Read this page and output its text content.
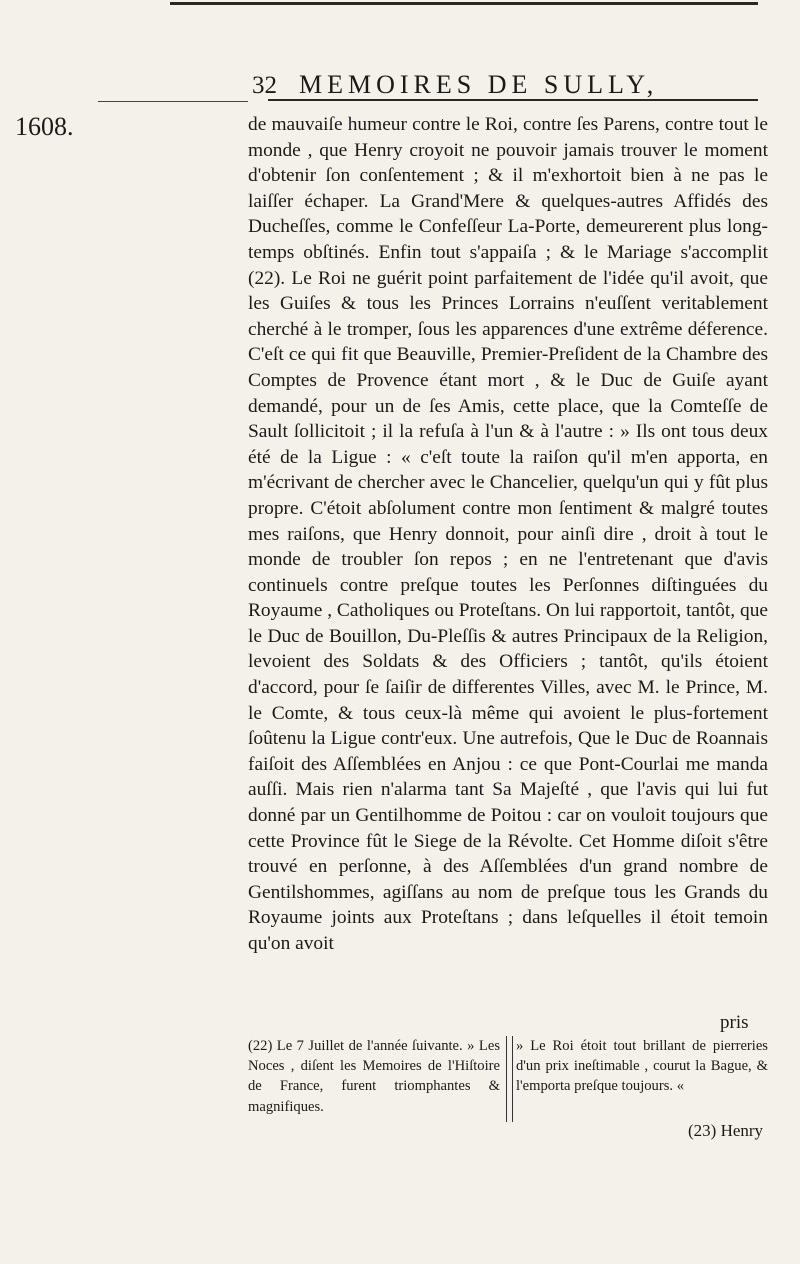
32 MEMOIRES DE SULLY,
1608.	de mauvaiſe humeur contre le Roi, contre ſes Parens, contre tout le monde , que Henry croyoit ne pouvoir jamais trouver le moment d'obtenir ſon conſentement ; & il m'exhortoit bien à ne pas le laiſſer échaper. La Grand'Mere & quelques-autres Affidés des Ducheſſes, comme le Confeſſeur La-Porte, demeurerent plus long-temps obſtinés. Enfin tout s'appaiſa ; & le Mariage s'accomplit (22). Le Roi ne guérit point parfaitement de l'idée qu'il avoit, que les Guiſes & tous les Princes Lorrains n'euſſent veritablement cherché à le tromper, ſous les apparences d'une extrême déference. C'eſt ce qui fit que Beauville, Premier-Preſident de la Chambre des Comptes de Provence étant mort , & le Duc de Guiſe ayant demandé, pour un de ſes Amis, cette place, que la Comteſſe de Sault ſollicitoit ; il la refuſa à l'un & à l'autre : » Ils ont tous deux été de la Ligue : « c'eſt toute la raiſon qu'il m'en apporta, en m'écrivant de chercher avec le Chancelier, quelqu'un qui y fût plus propre. C'étoit abſolument contre mon ſentiment & malgré toutes mes raiſons, que Henry donnoit, pour ainſi dire , droit à tout le monde de troubler ſon repos ; en ne l'entretenant que d'avis continuels contre preſque toutes les Perſonnes diſtinguées du Royaume , Catholiques ou Proteſtans. On lui rapportoit, tantôt, que le Duc de Bouillon, Du-Pleſſis & autres Principaux de la Religion, levoient des Soldats & des Officiers ; tantôt, qu'ils étoient d'accord, pour ſe ſaiſir de differentes Villes, avec M. le Prince, M. le Comte, & tous ceux-là même qui avoient le plus-fortement ſoûtenu la Ligue contr'eux. Une autrefois, Que le Duc de Roannais faiſoit des Aſſemblées en Anjou : ce que Pont-Courlai me manda auſſi. Mais rien n'alarma tant Sa Majeſté , que l'avis qui lui fut donné par un Gentilhomme de Poitou : car on vouloit toujours que cette Province fût le Siege de la Révolte. Cet Homme diſoit s'être trouvé en perſonne, à des Aſſemblées d'un grand nombre de Gentilshommes, agiſſans au nom de preſque tous les Grands du Royaume joints aux Proteſtans ; dans leſquelles il étoit temoin qu'on avoit

pris
(22) Le 7 Juillet de l'année ſuivante. » Les Noces , diſent les Memoires de l'Hiſtoire de France, furent triomphantes & magnifiques.
» Le Roi étoit tout brillant de pierreries d'un prix ineſtimable , courut la Bague, & l'emporta preſque toujours. «
(23) Henry
